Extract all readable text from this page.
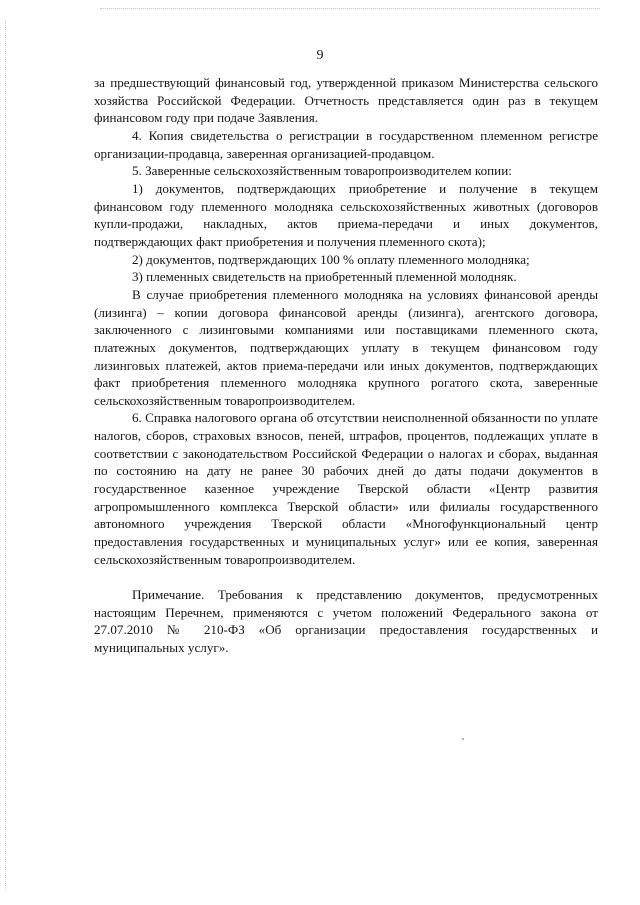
9

за предшествующий финансовый год, утвержденной приказом Министерства сельского хозяйства Российской Федерации. Отчетность представляется один раз в текущем финансовом году при подаче Заявления.

4. Копия свидетельства о регистрации в государственном племенном регистре организации-продавца, заверенная организацией-продавцом.

5. Заверенные сельскохозяйственным товаропроизводителем копии:

1) документов, подтверждающих приобретение и получение в текущем финансовом году племенного молодняка сельскохозяйственных животных (договоров купли-продажи, накладных, актов приема-передачи и иных документов, подтверждающих факт приобретения и получения племенного скота);

2) документов, подтверждающих 100 % оплату племенного молодняка;

3) племенных свидетельств на приобретенный племенной молодняк.

В случае приобретения племенного молодняка на условиях финансовой аренды (лизинга) – копии договора финансовой аренды (лизинга), агентского договора, заключенного с лизинговыми компаниями или поставщиками племенного скота, платежных документов, подтверждающих уплату в текущем финансовом году лизинговых платежей, актов приема-передачи или иных документов, подтверждающих факт приобретения племенного молодняка крупного рогатого скота, заверенные сельскохозяйственным товаропроизводителем.

6. Справка налогового органа об отсутствии неисполненной обязанности по уплате налогов, сборов, страховых взносов, пеней, штрафов, процентов, подлежащих уплате в соответствии с законодательством Российской Федерации о налогах и сборах, выданная по состоянию на дату не ранее 30 рабочих дней до даты подачи документов в государственное казенное учреждение Тверской области «Центр развития агропромышленного комплекса Тверской области» или филиалы государственного автономного учреждения Тверской области «Многофункциональный центр предоставления государственных и муниципальных услуг» или ее копия, заверенная сельскохозяйственным товаропроизводителем.

Примечание. Требования к представлению документов, предусмотренных настоящим Перечнем, применяются с учетом положений Федерального закона от 27.07.2010 № 210-ФЗ «Об организации предоставления государственных и муниципальных услуг».
